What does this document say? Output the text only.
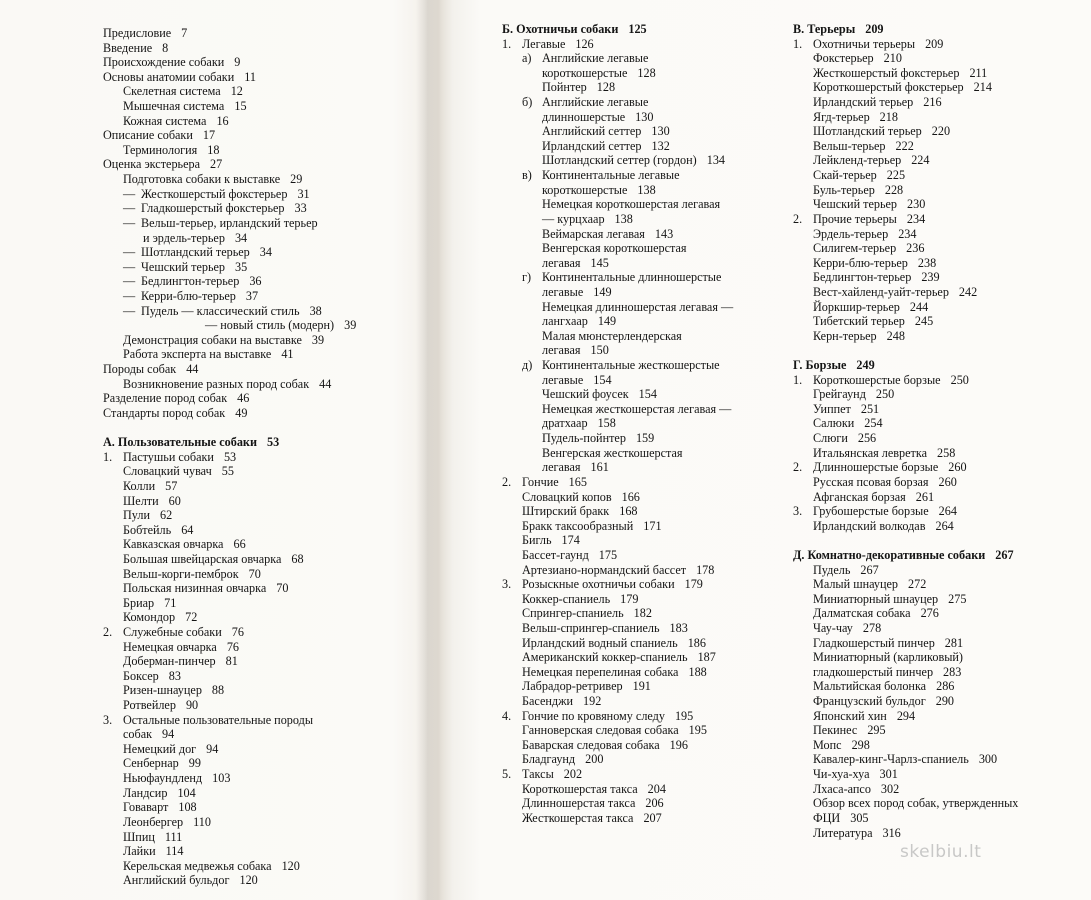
Предисловие 7
Введение 8
Происхождение собаки 9
Основы анатомии собаки 11
Скелетная система 12
Мышечная система 15
Кожная система 16
Описание собаки 17
Терминология 18
Оценка экстерьера 27
Подготовка собаки к выставке 29
— Жесткошерстый фокстерьер 31
— Гладкошерстый фокстерьер 33
— Вельш-терьер, ирландский терьер
и эрдель-терьер 34
— Шотландский терьер 34
— Чешский терьер 35
— Бедлингтон-терьер 36
— Керри-блю-терьер 37
— Пудель — классический стиль 38
— новый стиль (модерн) 39
Демонстрация собаки на выставке 39
Работа эксперта на выставке 41
Породы собак 44
Возникновение разных пород собак 44
Разделение пород собак 46
Стандарты пород собак 49
А. Пользовательные собаки 53
1. Пастушьи собаки 53
Словацкий чувач 55
Колли 57
Шелти 60
Пули 62
Бобтейль 64
Кавказская овчарка 66
Большая швейцарская овчарка 68
Вельш-корги-пемброк 70
Польская низинная овчарка 70
Бриар 71
Комондор 72
2. Служебные собаки 76
Немецкая овчарка 76
Доберман-пинчер 81
Боксер 83
Ризен-шнауцер 88
Ротвейлер 90
3. Остальные пользовательные породы
собак 94
Немецкий дог 94
Сенбернар 99
Ньюфаундленд 103
Ландсир 104
Говаварт 108
Леонбергер 110
Шпиц 111
Лайки 114
Керельская медвежья собака 120
Английский бульдог 120
Б. Охотничьи собаки 125
1. Легавые 126
а) Английские легавые
короткошерстые 128
Пойнтер 128
б) Английские легавые
длинношерстые 130
Английский сеттер 130
Ирландский сеттер 132
Шотландский сеттер (гордон) 134
в) Континентальные легавые
короткошерстые 138
Немецкая короткошерстая легавая
— курцхаар 138
Веймарская легавая 143
Венгерская короткошерстая
легавая 145
г) Континентальные длинношерстые
легавые 149
Немецкая длинношерстая легавая —
лангхаар 149
Малая мюнстерлендерская
легавая 150
д) Континентальные жесткошерстые
легавые 154
Чешский фоусек 154
Немецкая жесткошерстая легавая —
дратхаар 158
Пудель-пойнтер 159
Венгерская жесткошерстая
легавая 161
2. Гончие 165
Словацкий копов 166
Штирский бракк 168
Бракк таксообразный 171
Бигль 174
Бассет-гаунд 175
Артезиано-нормандский бассет 178
3. Розыскные охотничьи собаки 179
Коккер-спаниель 179
Спрингер-спаниель 182
Вельш-спрингер-спаниель 183
Ирландский водный спаниель 186
Американский коккер-спаниель 187
Немецкая перепелиная собака 188
Лабрадор-ретривер 191
Басенджи 192
4. Гончие по кровяному следу 195
Ганноверская следовая собака 195
Баварская следовая собака 196
Бладгаунд 200
5. Таксы 202
Короткошерстая такса 204
Длинношерстая такса 206
Жесткошерстая такса 207
В. Терьеры 209
1. Охотничьи терьеры 209
Фокстерьер 210
Жесткошерстый фокстерьер 211
Короткошерстый фокстерьер 214
Ирландский терьер 216
Ягд-терьер 218
Шотландский терьер 220
Вельш-терьер 222
Лейкленд-терьер 224
Скай-терьер 225
Буль-терьер 228
Чешский терьер 230
2. Прочие терьеры 234
Эрдель-терьер 234
Силигем-терьер 236
Керри-блю-терьер 238
Бедлингтон-терьер 239
Вест-хайленд-уайт-терьер 242
Йоркшир-терьер 244
Тибетский терьер 245
Керн-терьер 248
Г. Борзые 249
1. Короткошерстые борзые 250
Грейгаунд 250
Уиппет 251
Салюки 254
Слюги 256
Итальянская левретка 258
2. Длинношерстые борзые 260
Русская псовая борзая 260
Афганская борзая 261
3. Грубошерстые борзые 264
Ирландский волкодав 264
Д. Комнатно-декоративные собаки 267
Пудель 267
Малый шнауцер 272
Миниатюрный шнауцер 275
Далматская собака 276
Чау-чау 278
Гладкошерстый пинчер 281
Миниатюрный (карликовый)
гладкошерстый пинчер 283
Мальтийская болонка 286
Французский бульдог 290
Японский хин 294
Пекинес 295
Мопс 298
Кавалер-кинг-Чарлз-спаниель 300
Чи-хуа-хуа 301
Лхаса-апсо 302
Обзор всех пород собак, утвержденных
ФЦИ 305
Литература 316
skelbiu.lt
